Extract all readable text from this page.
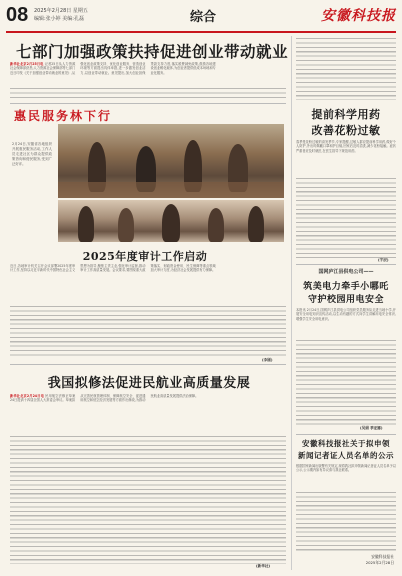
08 2025年2月28日 星期五
编辑:张小婷 美编:孔磊	综合	安徽科技报
七部门加强政策扶持促进创业带动就业
新华社北京2月25日电 记者25日从人力资源社会保障部获悉,人力资源社会保障部等七部门近日印发《关于加强创业带动就业的意见》,从强化创业政策支持、优化创业服务、营造创业环境等方面提出具体举措,进一步激发创业活力,以创业带动就业。意见提出,加大创业担保贷款支持力度,落实税费减免政策,鼓励各地建设创业孵化载体,为创业者提供低成本场地和专业化服务。
惠民服务林下行
2月24日,安徽省各地组织开展惠民服务活动,工作人员走进社区为群众提供政策咨询和便民服务,受到广泛好评。
2025年度审计工作启动
近日,各地审计机关召开会议部署2025年度审计工作,坚持以习近平新时代中国特色社会主义思想为指导,聚焦主责主业,强化审计监督,推动审计工作高质量发展。会议要求,要围绕重大政策落实、财政资金使用、民生保障等重点领域加大审计力度,为经济社会发展提供有力保障。
(李刚)
我国拟修法促进民航业高质量发展
新华社北京2月24日电 民用航空法修正草案24日提请十四届全国人大常委会审议。草案拟从完善民航管理体制、保障航空安全、促进通用航空和低空经济发展等方面作出修改,为推动民航业高质量发展提供法治保障。
(新华社)
提前科学用药
改善花粉过敏
春季是花粉过敏的高发季节,专家提醒,过敏人群应提前科学用药,做好个人防护,外出时佩戴口罩和护目镜,回家后及时清洗,减少花粉接触。症状严重者应及时就医,在医生指导下规范用药。
(宇辰)
国网庐江县供电公司——
筑美电力牵手小哪吒
守护校园用电安全
本报讯 2月24日,国网庐江县供电公司组织党员服务队走进当地小学,开展安全用电知识宣传活动,以生动有趣的方式向学生讲解用电安全常识,增强学生安全用电意识。
(吴娟 季亚娜)
安徽科技报社关于拟申领
新闻记者证人员名单的公示
根据国家新闻出版署有关规定,现将我社拟申领新闻记者证人员名单予以公示,公示期内如有异议请与我社联系。
安徽科技报社
2025年2月28日
